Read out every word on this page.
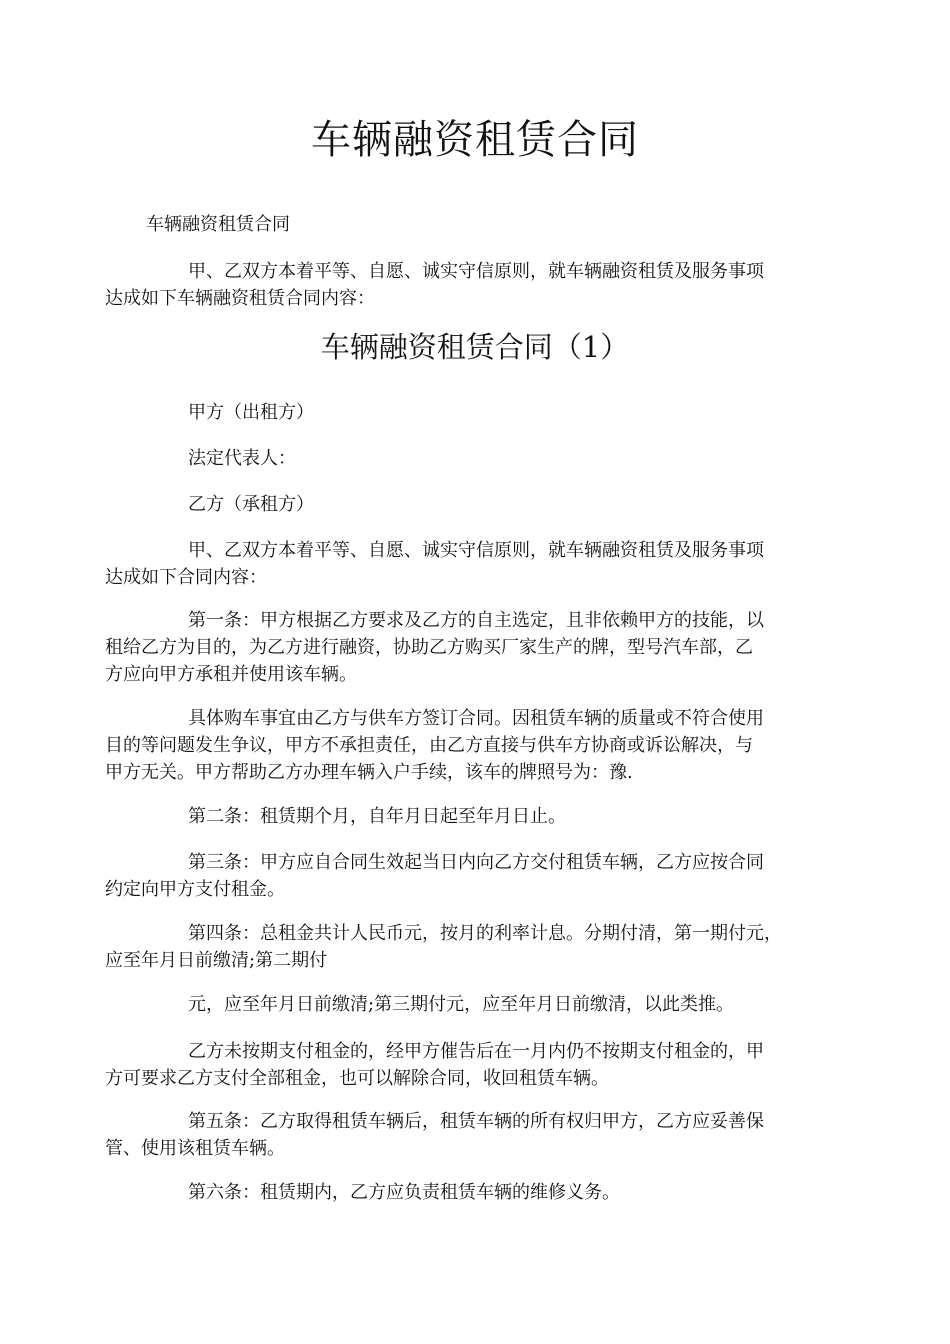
车辆融资租赁合同

车辆融资租赁合同

甲、乙双方本着平等、自愿、诚实守信原则，就车辆融资租赁及服务事项
达成如下车辆融资租赁合同内容：

车辆融资租赁合同（1）

甲方（出租方）

法定代表人：

乙方（承租方）

甲、乙双方本着平等、自愿、诚实守信原则，就车辆融资租赁及服务事项
达成如下合同内容：

第一条：甲方根据乙方要求及乙方的自主选定，且非依赖甲方的技能，以
租给乙方为目的，为乙方进行融资，协助乙方购买厂家生产的牌，型号汽车部，乙
方应向甲方承租并使用该车辆。

具体购车事宜由乙方与供车方签订合同。因租赁车辆的质量或不符合使用
目的等问题发生争议，甲方不承担责任，由乙方直接与供车方协商或诉讼解决，与
甲方无关。甲方帮助乙方办理车辆入户手续，该车的牌照号为：豫.

第二条：租赁期个月，自年月日起至年月日止。

第三条：甲方应自合同生效起当日内向乙方交付租赁车辆，乙方应按合同
约定向甲方支付租金。

第四条：总租金共计人民币元，按月的利率计息。分期付清，第一期付元，
应至年月日前缴清;第二期付

元，应至年月日前缴清;第三期付元，应至年月日前缴清，以此类推。

乙方未按期支付租金的，经甲方催告后在一月内仍不按期支付租金的，甲
方可要求乙方支付全部租金，也可以解除合同，收回租赁车辆。

第五条：乙方取得租赁车辆后，租赁车辆的所有权归甲方，乙方应妥善保
管、使用该租赁车辆。

第六条：租赁期内，乙方应负责租赁车辆的维修义务。
